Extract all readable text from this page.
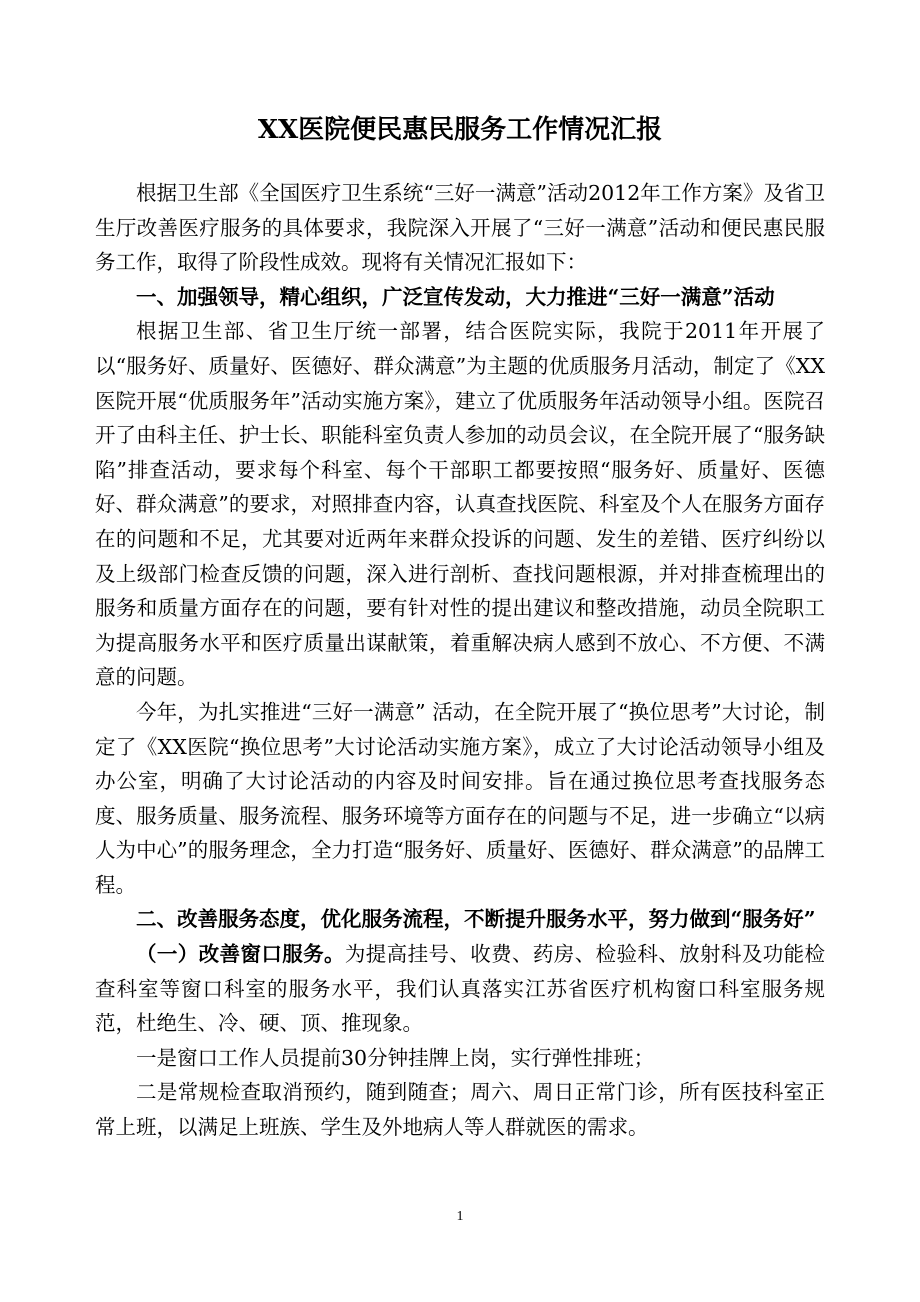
XX医院便民惠民服务工作情况汇报

根据卫生部《全国医疗卫生系统“三好一满意”活动2012年工作方案》及省卫生厅改善医疗服务的具体要求，我院深入开展了“三好一满意”活动和便民惠民服务工作，取得了阶段性成效。现将有关情况汇报如下：

一、加强领导，精心组织，广泛宣传发动，大力推进“三好一满意”活动

根据卫生部、省卫生厅统一部署，结合医院实际，我院于2011年开展了以“服务好、质量好、医德好、群众满意”为主题的优质服务月活动，制定了《XX医院开展“优质服务年”活动实施方案》，建立了优质服务年活动领导小组。医院召开了由科主任、护士长、职能科室负责人参加的动员会议，在全院开展了“服务缺陷”排查活动，要求每个科室、每个干部职工都要按照“服务好、质量好、医德好、群众满意”的要求，对照排查内容，认真查找医院、科室及个人在服务方面存在的问题和不足，尤其要对近两年来群众投诉的问题、发生的差错、医疗纠纷以及上级部门检查反馈的问题，深入进行剖析、查找问题根源，并对排查梳理出的服务和质量方面存在的问题，要有针对性的提出建议和整改措施，动员全院职工为提高服务水平和医疗质量出谋献策，着重解决病人感到不放心、不方便、不满意的问题。

今年，为扎实推进“三好一满意” 活动，在全院开展了“换位思考”大讨论，制定了《XX医院“换位思考”大讨论活动实施方案》，成立了大讨论活动领导小组及办公室，明确了大讨论活动的内容及时间安排。旨在通过换位思考查找服务态度、服务质量、服务流程、服务环境等方面存在的问题与不足，进一步确立“以病人为中心”的服务理念，全力打造“服务好、质量好、医德好、群众满意”的品牌工程。

二、改善服务态度，优化服务流程，不断提升服务水平，努力做到“服务好”

（一）改善窗口服务。为提高挂号、收费、药房、检验科、放射科及功能检查科室等窗口科室的服务水平，我们认真落实江苏省医疗机构窗口科室服务规范，杜绝生、冷、硬、顶、推现象。

一是窗口工作人员提前30分钟挂牌上岗，实行弹性排班；

二是常规检查取消预约，随到随查；周六、周日正常门诊，所有医技科室正常上班，以满足上班族、学生及外地病人等人群就医的需求。

1
